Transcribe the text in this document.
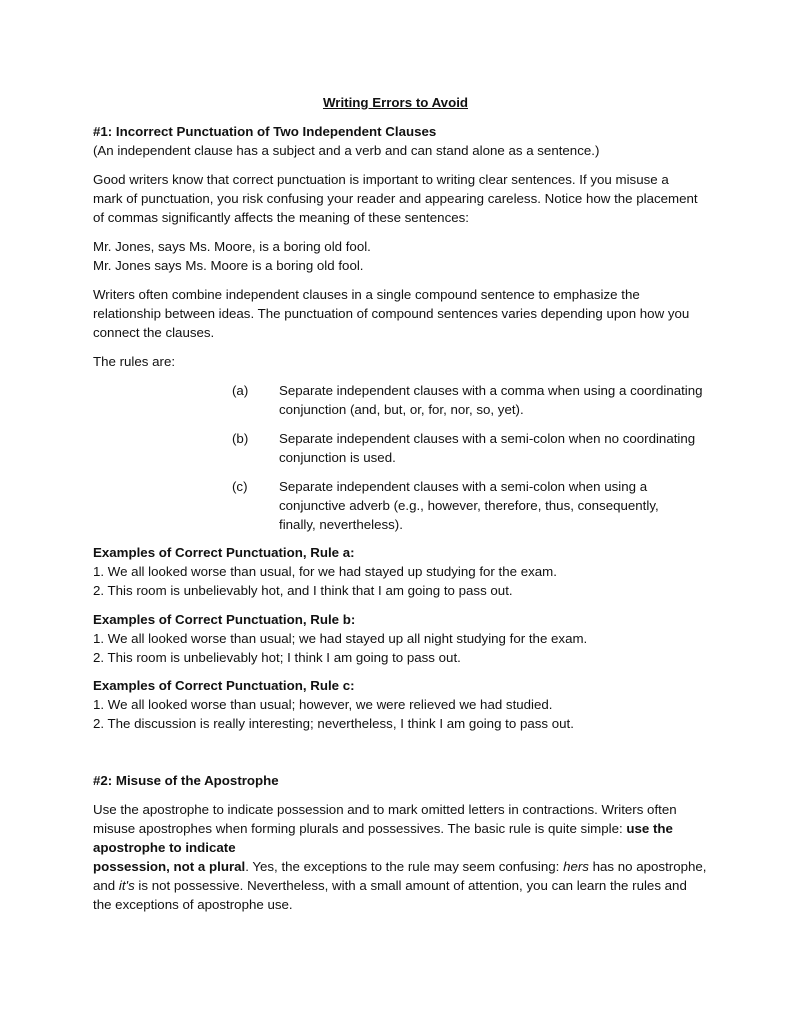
Writing Errors to Avoid
#1: Incorrect Punctuation of Two Independent Clauses
(An independent clause has a subject and a verb and can stand alone as a sentence.)
Good writers know that correct punctuation is important to writing clear sentences. If you misuse a
mark of punctuation, you risk confusing your reader and appearing careless. Notice how the placement
of commas significantly affects the meaning of these sentences:
Mr. Jones, says Ms. Moore, is a boring old fool.
Mr. Jones says Ms. Moore is a boring old fool.
Writers often combine independent clauses in a single compound sentence to emphasize the
relationship between ideas. The punctuation of compound sentences varies depending upon how you
connect the clauses.
The rules are:
(a) Separate independent clauses with a comma when using a coordinating
conjunction (and, but, or, for, nor, so, yet).
(b) Separate independent clauses with a semi-colon when no coordinating
conjunction is used.
(c) Separate independent clauses with a semi-colon when using a
conjunctive adverb (e.g., however, therefore, thus, consequently,
finally, nevertheless).
Examples of Correct Punctuation, Rule a:
1. We all looked worse than usual, for we had stayed up studying for the exam.
2. This room is unbelievably hot, and I think that I am going to pass out.
Examples of Correct Punctuation, Rule b:
1. We all looked worse than usual; we had stayed up all night studying for the exam.
2. This room is unbelievably hot; I think I am going to pass out.
Examples of Correct Punctuation, Rule c:
1. We all looked worse than usual; however, we were relieved we had studied.
2. The discussion is really interesting; nevertheless, I think I am going to pass out.
#2: Misuse of the Apostrophe
Use the apostrophe to indicate possession and to mark omitted letters in contractions. Writers often
misuse apostrophes when forming plurals and possessives. The basic rule is quite simple: use the
apostrophe to indicate
possession, not a plural. Yes, the exceptions to the rule may seem confusing: hers has no apostrophe,
and it's is not possessive. Nevertheless, with a small amount of attention, you can learn the rules and
the exceptions of apostrophe use.
